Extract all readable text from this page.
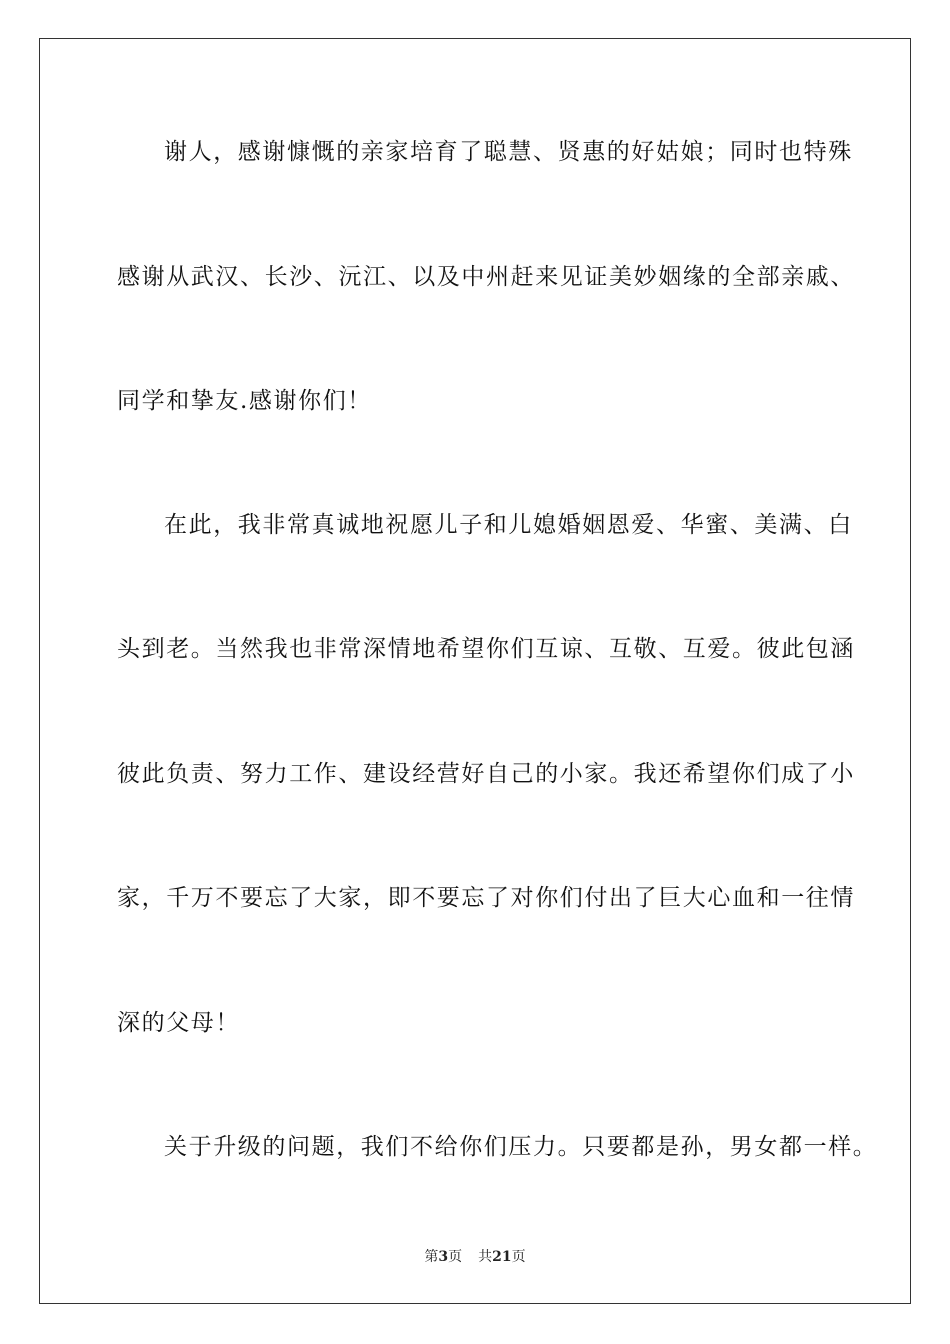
谢人，感谢慷慨的亲家培育了聪慧、贤惠的好姑娘；同时也特殊
感谢从武汉、长沙、沅江、以及中州赶来见证美妙姻缘的全部亲戚、
同学和挚友.感谢你们！
在此，我非常真诚地祝愿儿子和儿媳婚姻恩爱、华蜜、美满、白
头到老。当然我也非常深情地希望你们互谅、互敬、互爱。彼此包涵
彼此负责、努力工作、建设经营好自己的小家。我还希望你们成了小
家，千万不要忘了大家，即不要忘了对你们付出了巨大心血和一往情
深的父母！
关于升级的问题，我们不给你们压力。只要都是孙，男女都一样。
第3页 共21页
